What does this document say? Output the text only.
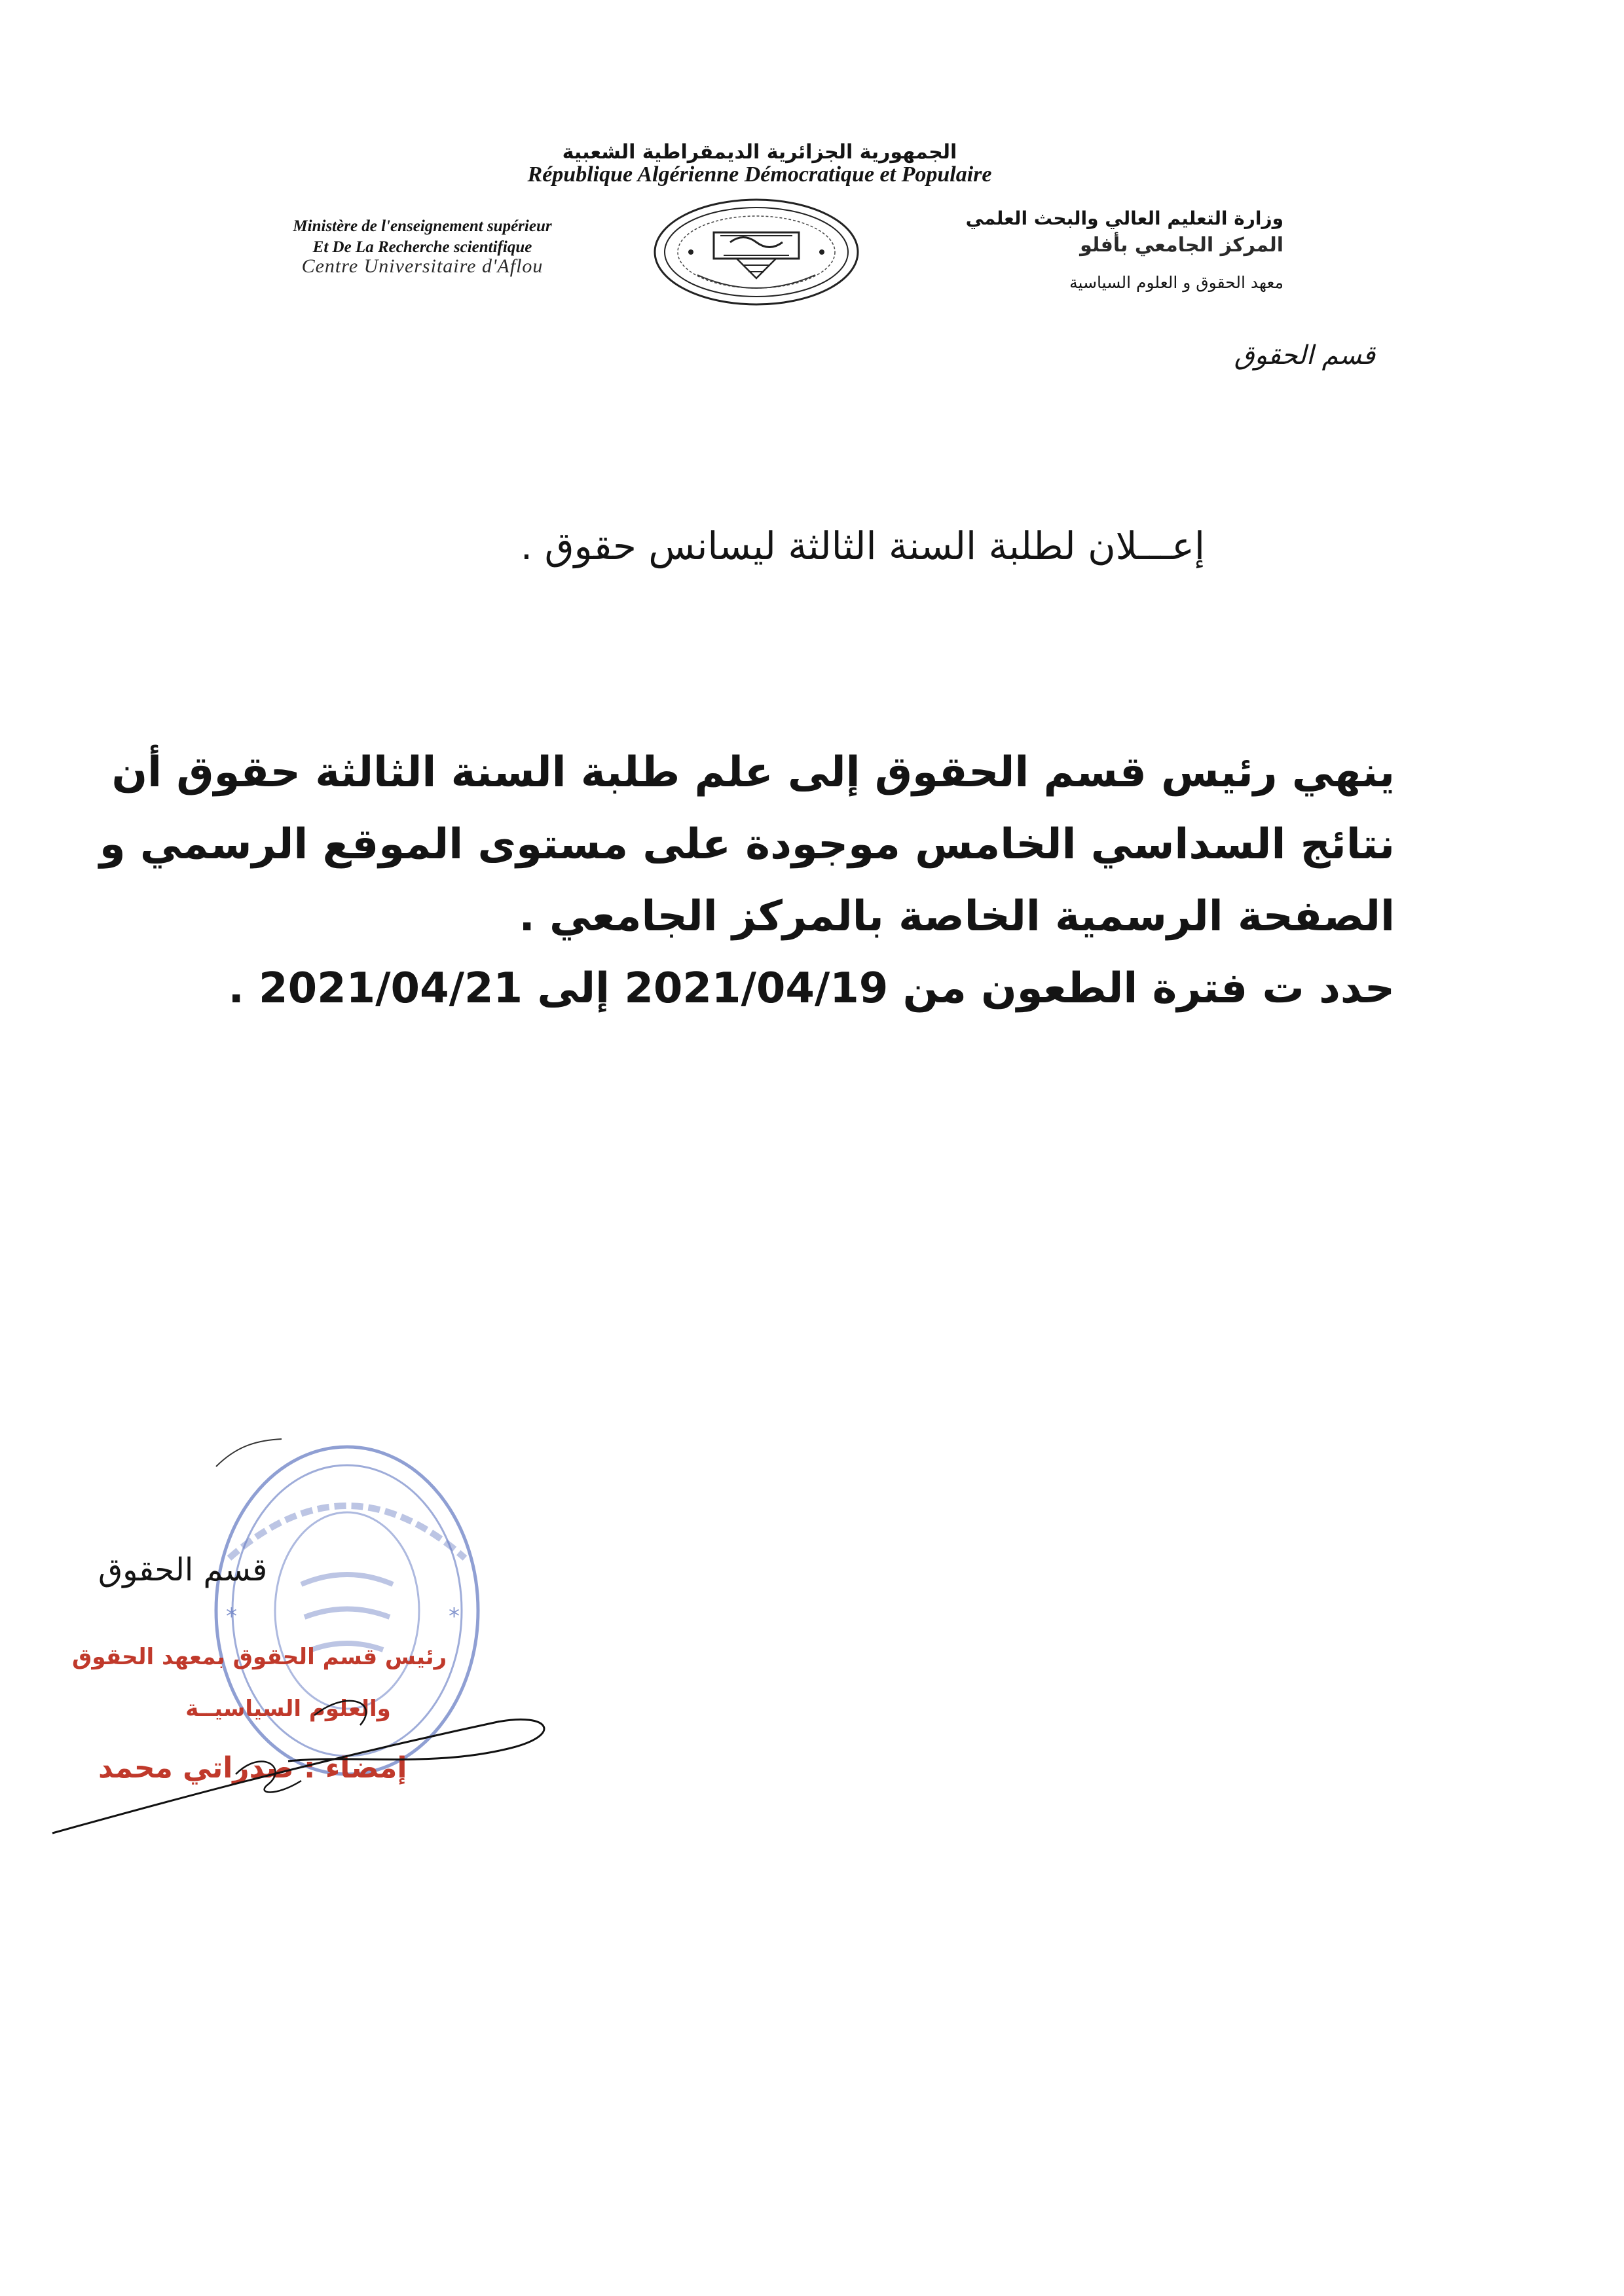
الجمهورية الجزائرية الديمقراطية الشعبية
République Algérienne Démocratique et Populaire
Ministère de l'enseignement supérieur
Et De La Recherche scientifique
Centre Universitaire d'Aflou
وزارة التعليم العالي والبحث العلمي
المركز الجامعي بأفلو
معهد الحقوق و العلوم السياسية
قسم الحقوق
إعـــلان لطلبة السنة الثالثة ليسانس حقوق .

ينهي رئيس قسم الحقوق إلى علم طلبة السنة الثالثة حقوق أن

نتائج السداسي الخامس موجودة على مستوى الموقع الرسمي و

الصفحة الرسمية الخاصة بالمركز الجامعي .

حدد ت فترة الطعون من 2021/04/19 إلى 2021/04/21 .

*
*
قسم الحقوق
رئيس قسم الحقوق بمعهد الحقوق
والعلوم السياسيــة
إمضاء : صدراتي محمد
